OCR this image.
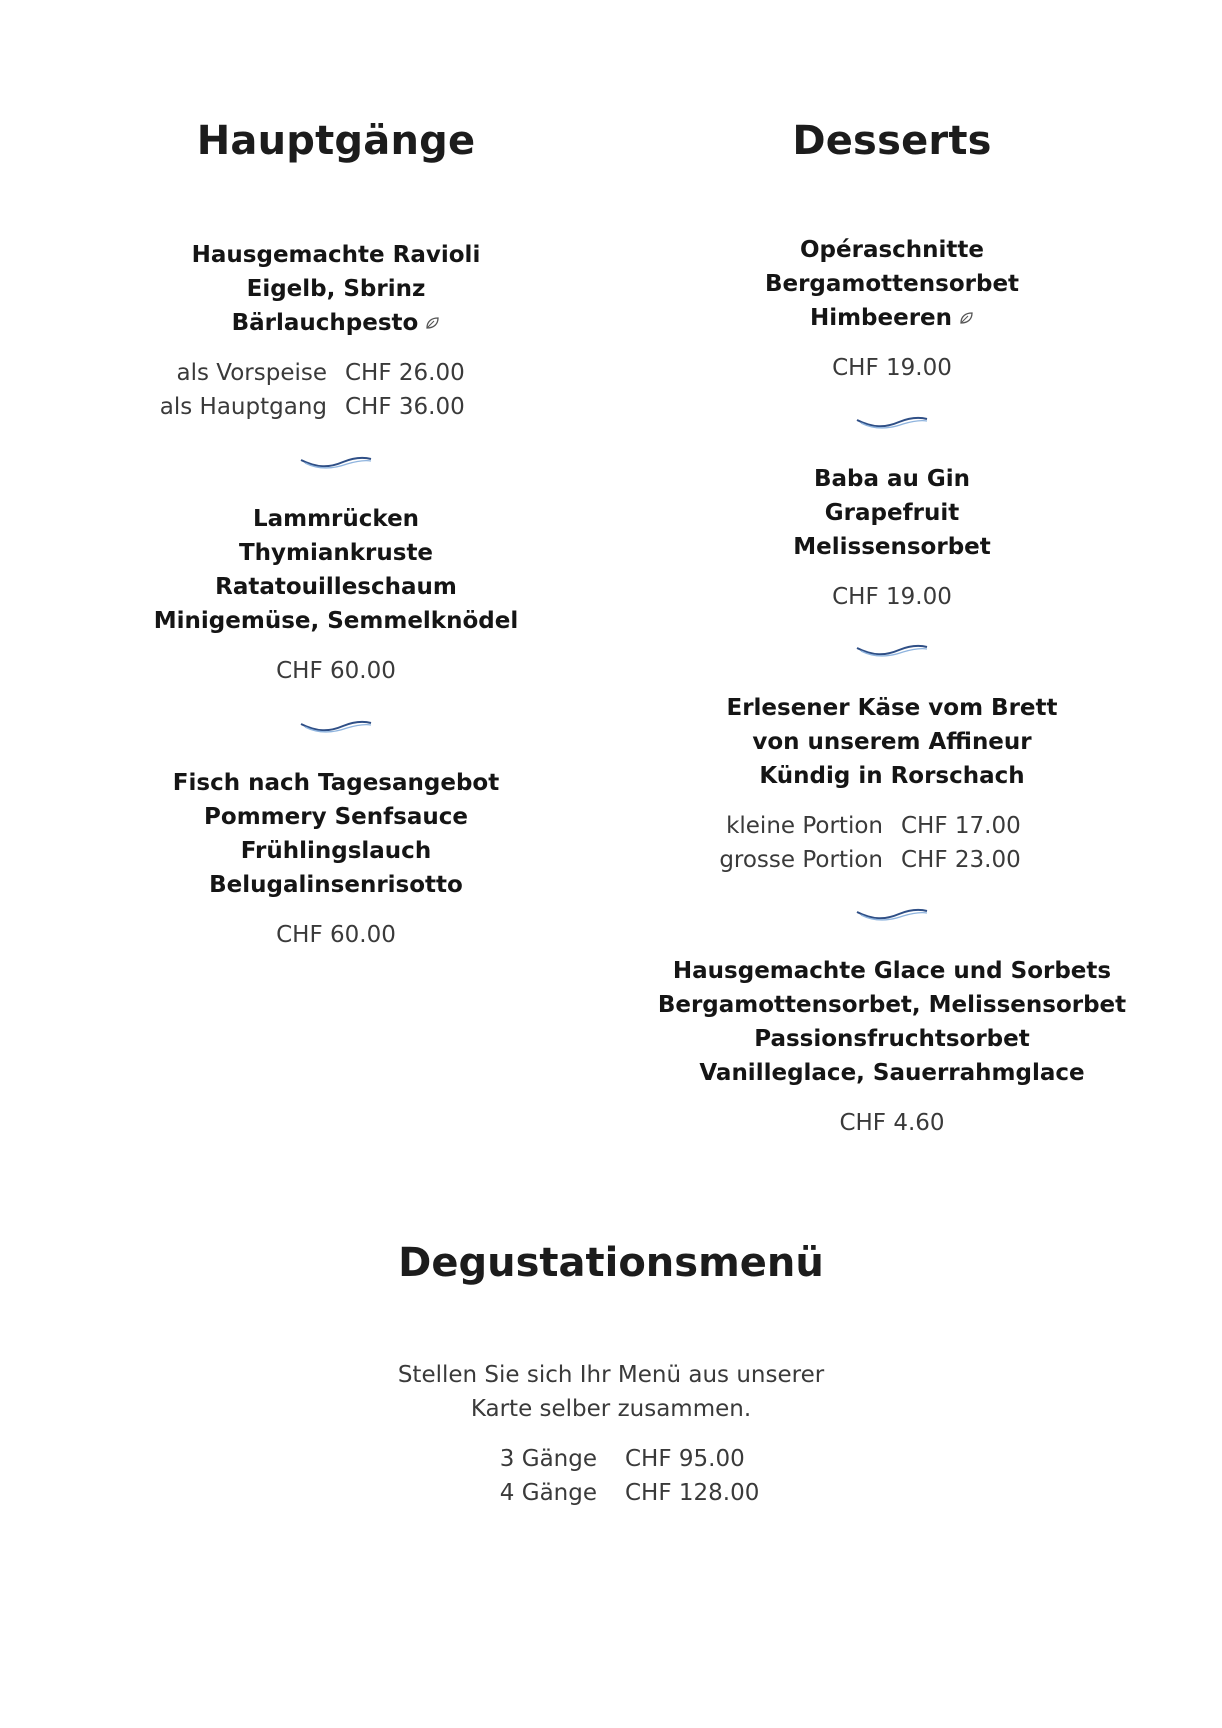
Hauptgänge
Hausgemachte Ravioli
Eigelb, Sbrinz
Bärlauchpesto
als Vorspeise CHF 26.00
als Hauptgang CHF 36.00
Lammrücken
Thymiankruste
Ratatouilleschaum
Minigemüse, Semmelknödel
CHF 60.00
Fisch nach Tagesangebot
Pommery Senfsauce
Frühlingslauch
Belugalinsenrisotto
CHF 60.00
Desserts
Opéraschnitte
Bergamottensorbet
Himbeeren
CHF 19.00
Baba au Gin
Grapefruit
Melissensorbet
CHF 19.00
Erlesener Käse vom Brett
von unserem Affineur
Kündig in Rorschach
kleine Portion CHF 17.00
grosse Portion CHF 23.00
Hausgemachte Glace und Sorbets
Bergamottensorbet, Melissensorbet
Passionsfruchtsorbet
Vanilleglace, Sauerrahmglace
CHF 4.60
Degustationsmenü
Stellen Sie sich Ihr Menü aus unserer
Karte selber zusammen.
3 Gänge	CHF 95.00
4 Gänge	CHF 128.00
